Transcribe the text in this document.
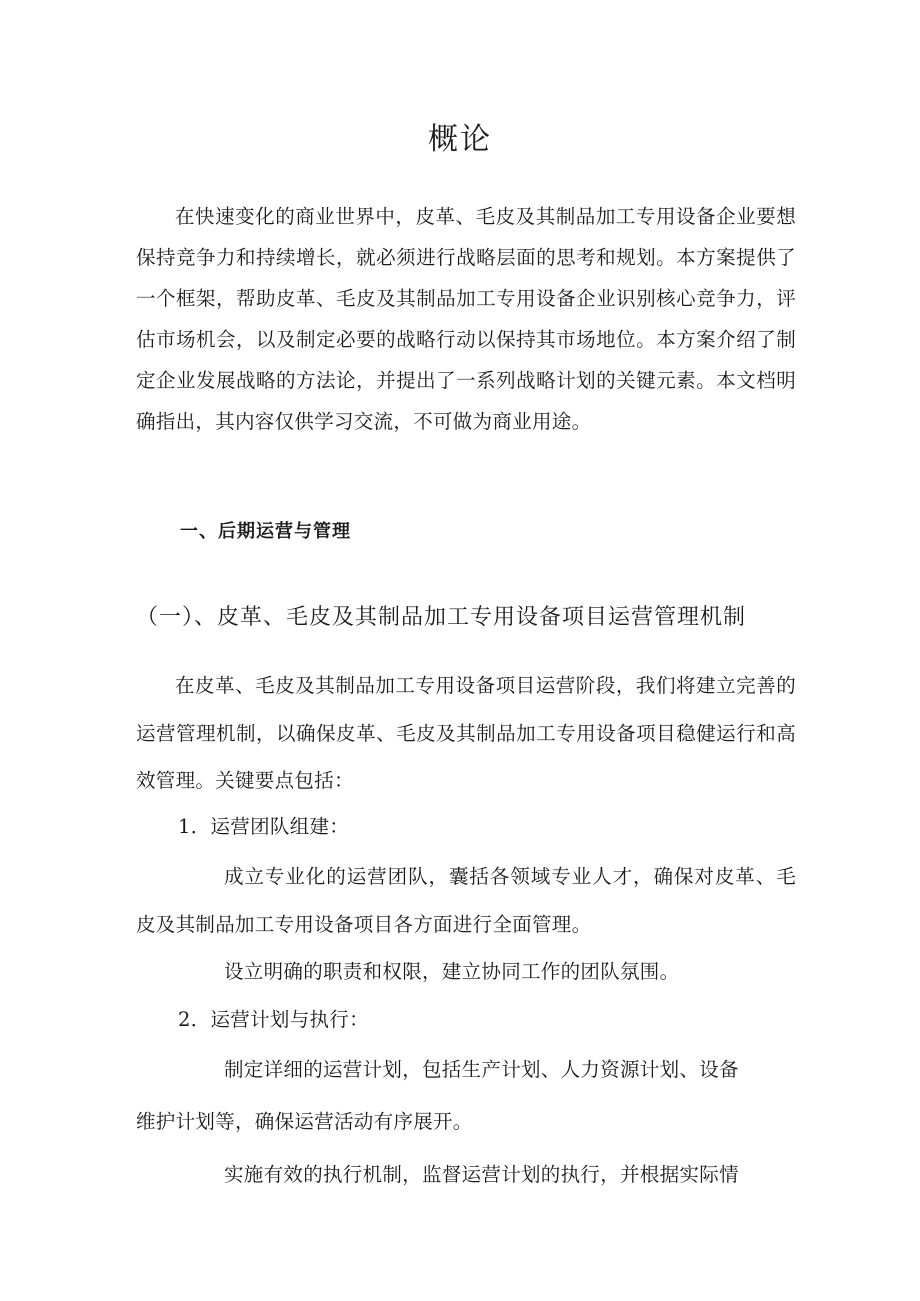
概论

在快速变化的商业世界中，皮革、毛皮及其制品加工专用设备企业要想保持竞争力和持续增长，就必须进行战略层面的思考和规划。本方案提供了一个框架，帮助皮革、毛皮及其制品加工专用设备企业识别核心竞争力，评估市场机会，以及制定必要的战略行动以保持其市场地位。本方案介绍了制定企业发展战略的方法论，并提出了一系列战略计划的关键元素。本文档明确指出，其内容仅供学习交流，不可做为商业用途。

一、后期运营与管理
（一）、皮革、毛皮及其制品加工专用设备项目运营管理机制

在皮革、毛皮及其制品加工专用设备项目运营阶段，我们将建立完善的运营管理机制，以确保皮革、毛皮及其制品加工专用设备项目稳健运行和高效管理。关键要点包括：

1．运营团队组建：

成立专业化的运营团队，囊括各领域专业人才，确保对皮革、毛皮及其制品加工专用设备项目各方面进行全面管理。

设立明确的职责和权限，建立协同工作的团队氛围。
2．运营计划与执行：
制定详细的运营计划，包括生产计划、人力资源计划、设备
维护计划等，确保运营活动有序展开。
实施有效的执行机制，监督运营计划的执行，并根据实际情
